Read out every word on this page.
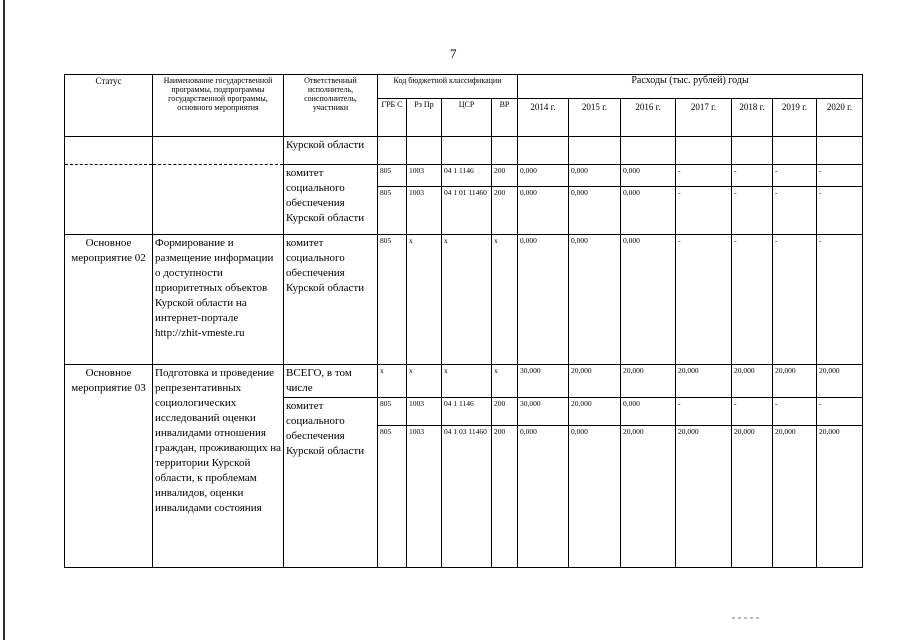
7
Статус	Наименование государственной программы, подпрограммы государственной программы, основного мероприятия	Ответственный исполнитель, соисполнитель, участники	Код бюджетной классификации				Расходы (тыс. рублей) годы						
			ГРБ С	Рз Пр	ЦСР	ВР	2014 г.	2015 г.	2016 г.	2017 г.	2018 г.	2019 г.	2020 г.
		Курской области											
		комитет социального обеспечения Курской области	805	1003	04 1 1146	200	0,000	0,000	0,000	-	-	-	-
			805	1003	04 1 01 11460	200	0,000	0,000	0,000	-	-	-	-
Основное мероприятие 02	Формирование и размещение информации о доступности приоритетных объектов Курской области на интернет-портале http://zhit-vmeste.ru	комитет социального обеспечения Курской области	805	x	x	x	0,000	0,000	0,000	-	-	-	-
Основное мероприятие 03	Подготовка и проведение репрезентативных социологических исследований оценки инвалидами отношения граждан, проживающих на территории Курской области, к проблемам инвалидов, оценки инвалидами состояния	ВСЕГО, в том числе	x	x	x	x	30,000	20,000	20,000	20,000	20,000	20,000	20,000
		комитет социального обеспечения Курской области	805	1003	04 1 1146	200	30,000	20,000	0,000	-	-	-	-
			805	1003	04 1 03 11460	200	0,000	0,000	20,000	20,000	20,000	20,000	20,000
